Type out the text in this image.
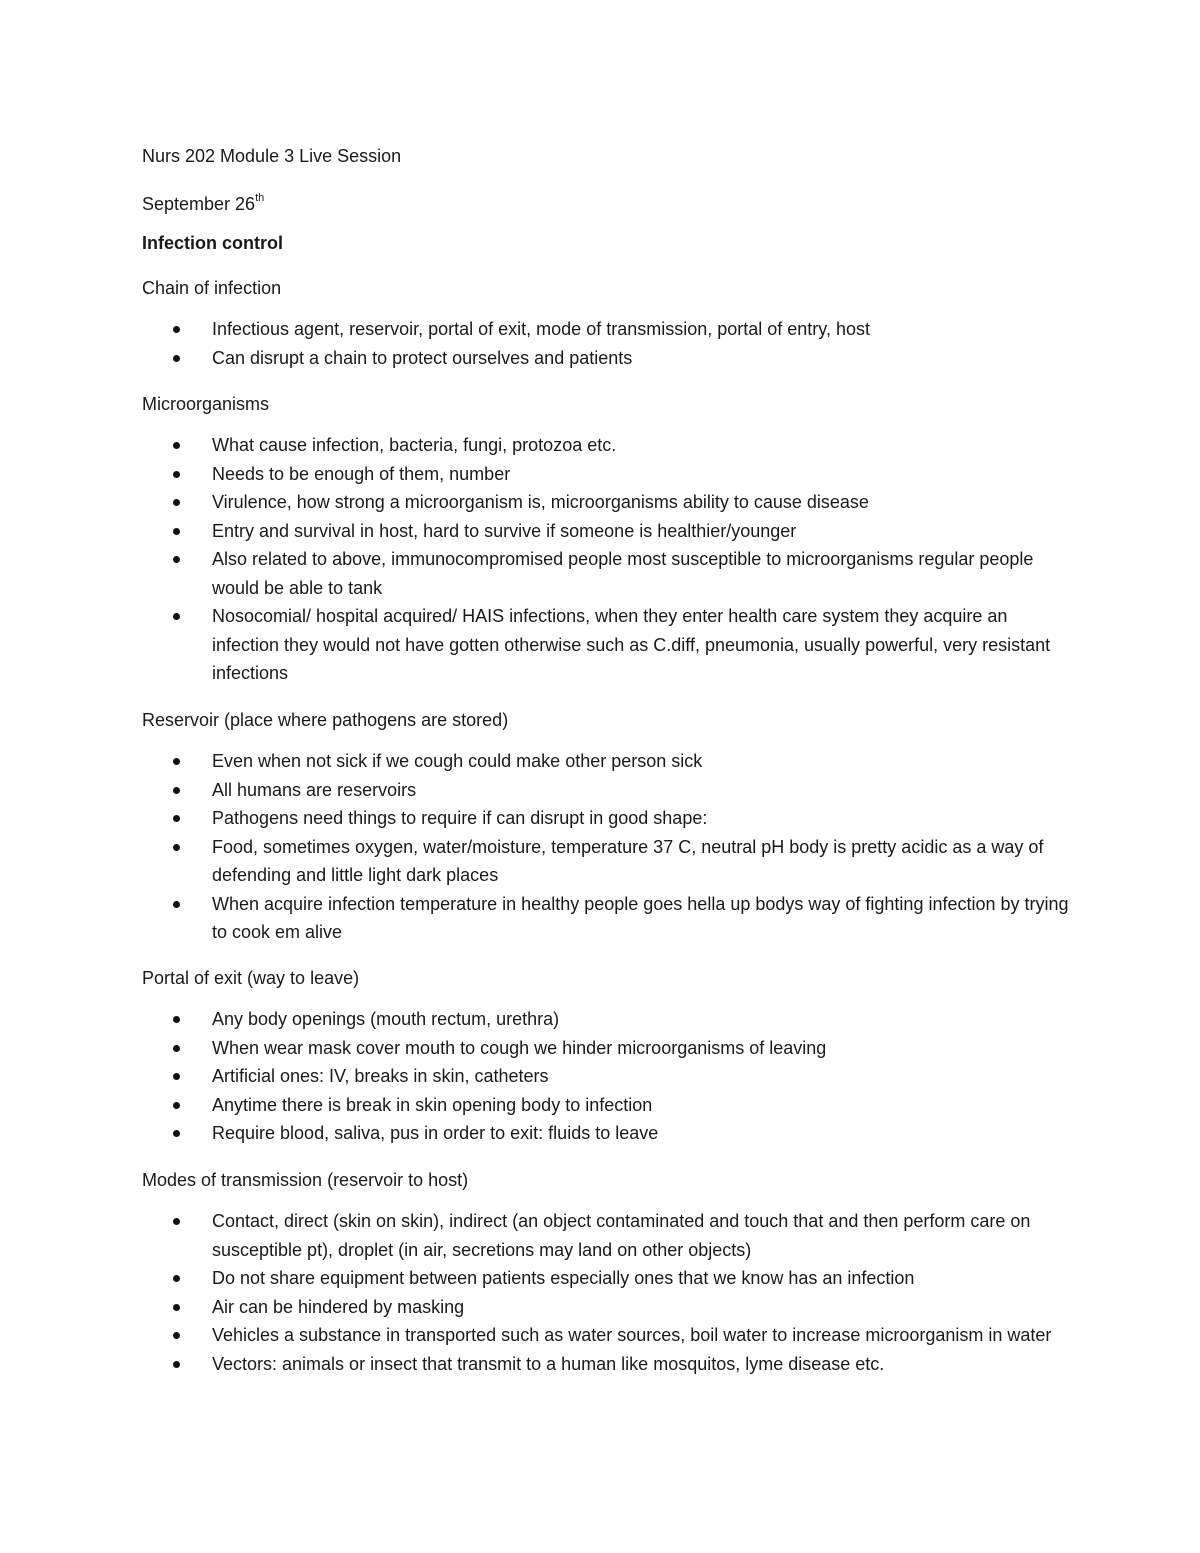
Nurs 202 Module 3 Live Session
September 26th
Infection control
Chain of infection
Infectious agent, reservoir, portal of exit, mode of transmission, portal of entry, host
Can disrupt a chain to protect ourselves and patients
Microorganisms
What cause infection, bacteria, fungi, protozoa etc.
Needs to be enough of them, number
Virulence, how strong a microorganism is, microorganisms ability to cause disease
Entry and survival in host, hard to survive if someone is healthier/younger
Also related to above, immunocompromised people most susceptible to microorganisms regular people would be able to tank
Nosocomial/ hospital acquired/ HAIS infections, when they enter health care system they acquire an infection they would not have gotten otherwise such as C.diff, pneumonia, usually powerful, very resistant infections
Reservoir (place where pathogens are stored)
Even when not sick if we cough could make other person sick
All humans are reservoirs
Pathogens need things to require if can disrupt in good shape:
Food, sometimes oxygen, water/moisture, temperature 37 C, neutral pH body is pretty acidic as a way of defending and little light dark places
When acquire infection temperature in healthy people goes hella up bodys way of fighting infection by trying to cook em alive
Portal of exit (way to leave)
Any body openings (mouth rectum, urethra)
When wear mask cover mouth to cough we hinder microorganisms of leaving
Artificial ones: IV, breaks in skin, catheters
Anytime there is break in skin opening body to infection
Require blood, saliva, pus in order to exit: fluids to leave
Modes of transmission (reservoir to host)
Contact, direct (skin on skin), indirect (an object contaminated and touch that and then perform care on susceptible pt), droplet (in air, secretions may land on other objects)
Do not share equipment between patients especially ones that we know has an infection
Air can be hindered by masking
Vehicles a substance in transported such as water sources, boil water to increase microorganism in water
Vectors: animals or insect that transmit to a human like mosquitos, lyme disease etc.
